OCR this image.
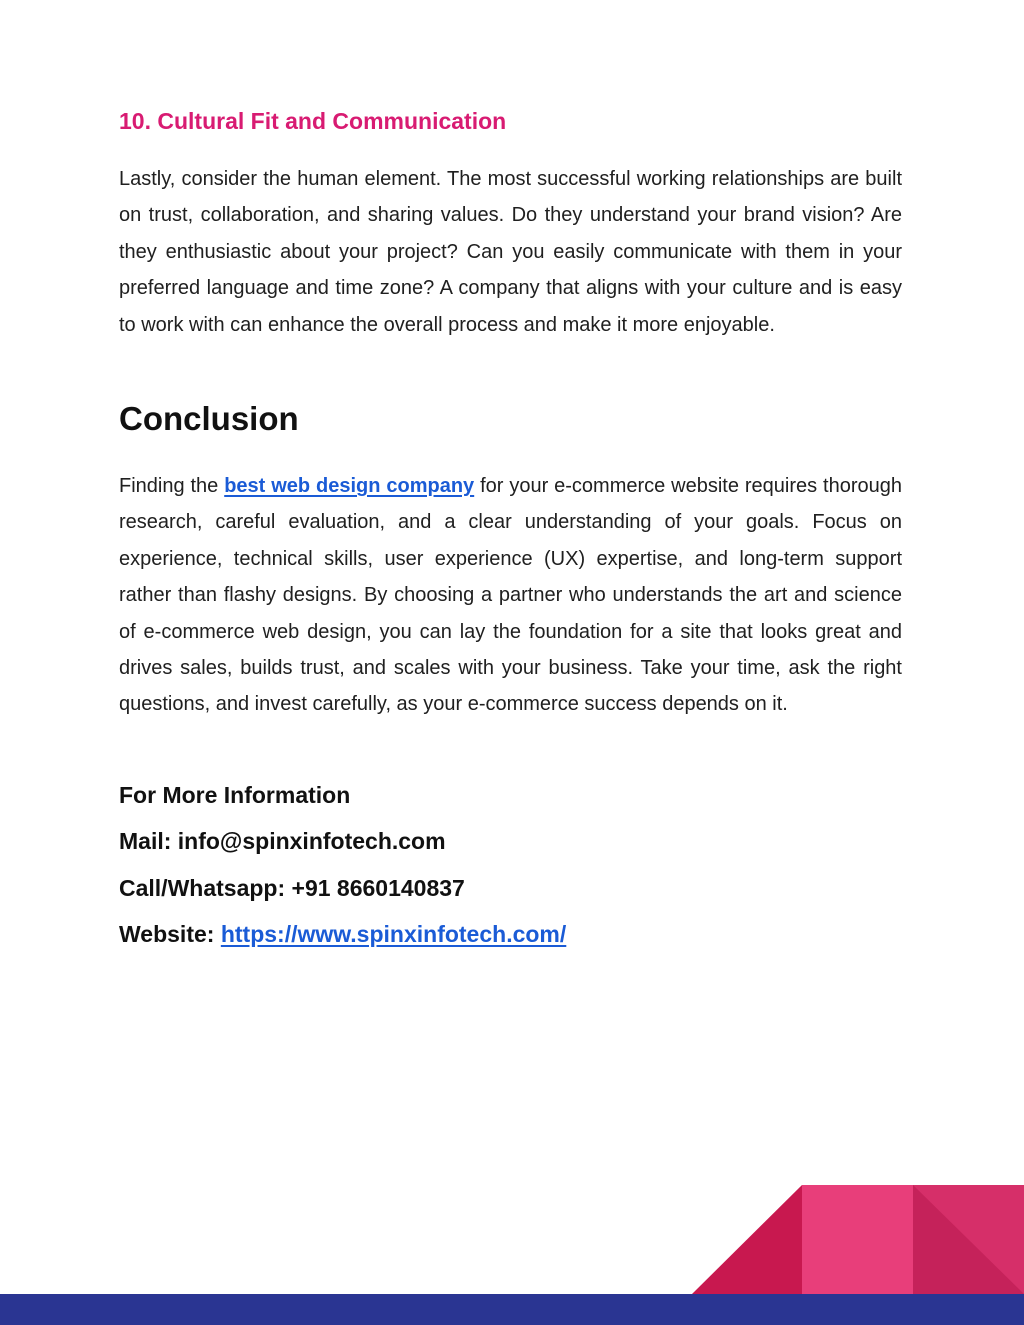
10. Cultural Fit and Communication

Lastly, consider the human element. The most successful working relationships are built on trust, collaboration, and sharing values. Do they understand your brand vision? Are they enthusiastic about your project? Can you easily communicate with them in your preferred language and time zone? A company that aligns with your culture and is easy to work with can enhance the overall process and make it more enjoyable.

Conclusion

Finding the best web design company for your e-commerce website requires thorough research, careful evaluation, and a clear understanding of your goals. Focus on experience, technical skills, user experience (UX) expertise, and long-term support rather than flashy designs. By choosing a partner who understands the art and science of e-commerce web design, you can lay the foundation for a site that looks great and drives sales, builds trust, and scales with your business. Take your time, ask the right questions, and invest carefully, as your e-commerce success depends on it.

For More Information

Mail: info@spinxinfotech.com

Call/Whatsapp: +91 8660140837

Website: https://www.spinxinfotech.com/
